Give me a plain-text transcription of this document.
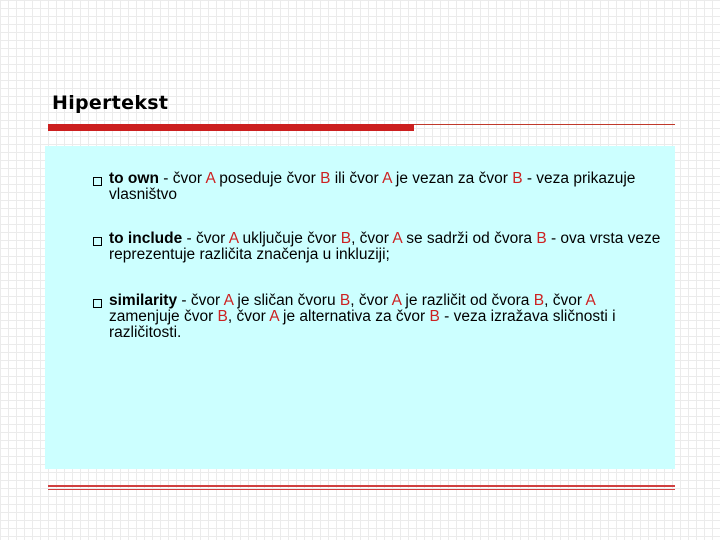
Hipertekst
to own - čvor A poseduje čvor B ili čvor A je vezan za čvor B - veza prikazuje vlasništvo
to include - čvor A uključuje čvor B, čvor A se sadrži od čvora B - ova vrsta veze reprezentuje različita značenja u inkluziji;
similarity - čvor A je sličan čvoru B, čvor A je različit od čvora B, čvor A zamenjuje čvor B, čvor A je alternativa za čvor B - veza izražava sličnosti i različitosti.
